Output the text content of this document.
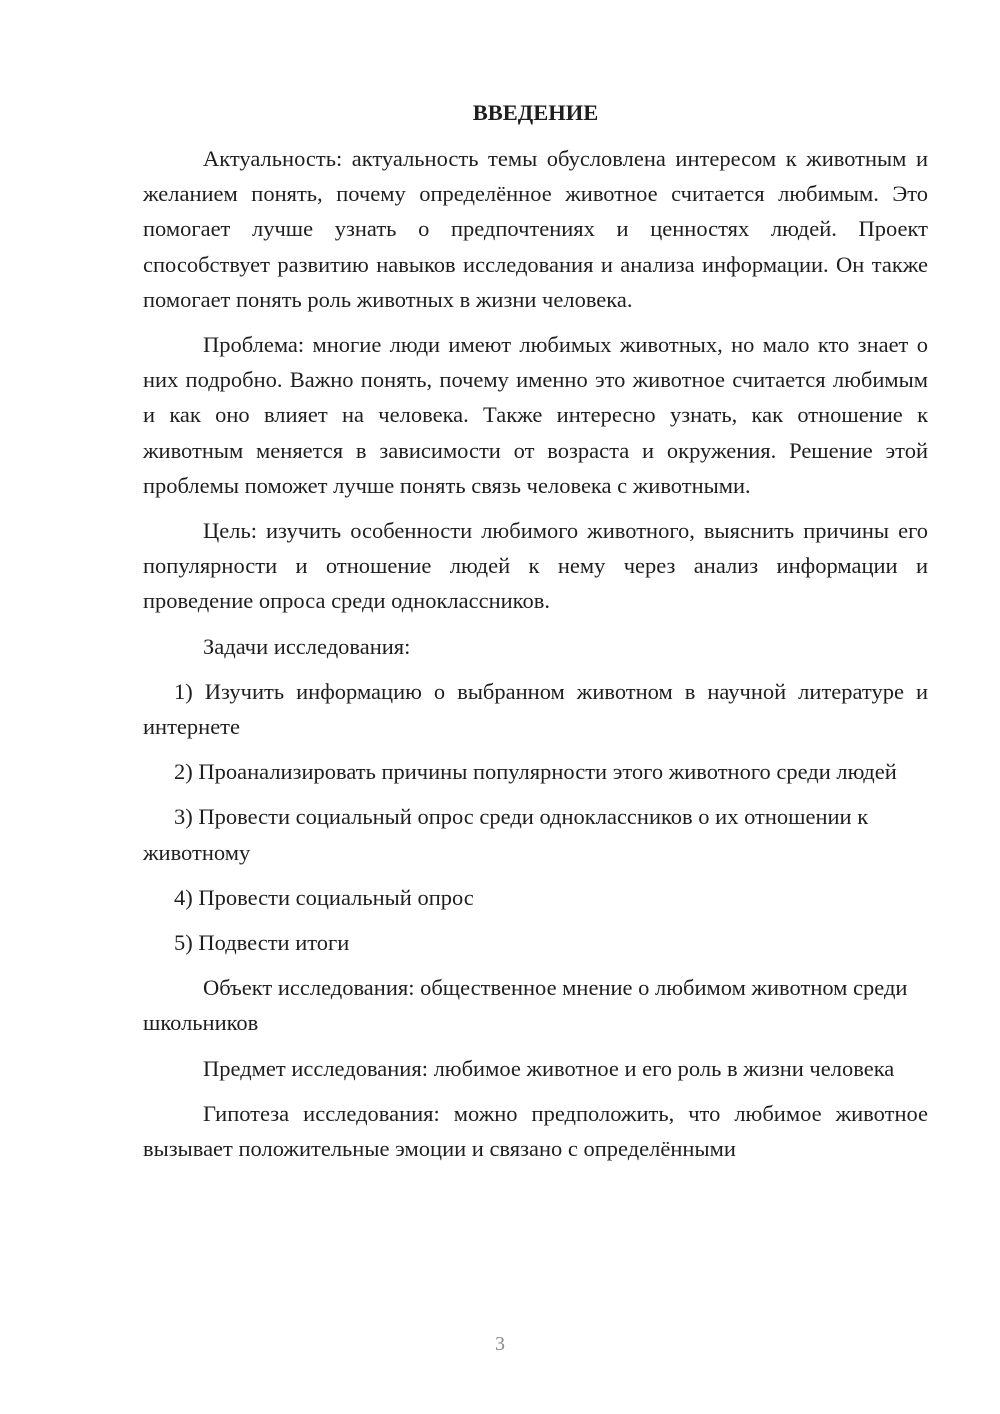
ВВЕДЕНИЕ

Актуальность: актуальность темы обусловлена интересом к животным и желанием понять, почему определённое животное считается любимым. Это помогает лучше узнать о предпочтениях и ценностях людей. Проект способствует развитию навыков исследования и анализа информации. Он также помогает понять роль животных в жизни человека.

Проблема: многие люди имеют любимых животных, но мало кто знает о них подробно. Важно понять, почему именно это животное считается любимым и как оно влияет на человека. Также интересно узнать, как отношение к животным меняется в зависимости от возраста и окружения. Решение этой проблемы поможет лучше понять связь человека с животными.

Цель: изучить особенности любимого животного, выяснить причины его популярности и отношение людей к нему через анализ информации и проведение опроса среди одноклассников.

Задачи исследования:

1) Изучить информацию о выбранном животном в научной литературе и интернете

2) Проанализировать причины популярности этого животного среди людей

3) Провести социальный опрос среди одноклассников о их отношении к животному

4) Провести социальный опрос

5) Подвести итоги

Объект исследования: общественное мнение о любимом животном среди школьников

Предмет исследования: любимое животное и его роль в жизни человека

Гипотеза исследования: можно предположить, что любимое животное вызывает положительные эмоции и связано с определёнными

3
